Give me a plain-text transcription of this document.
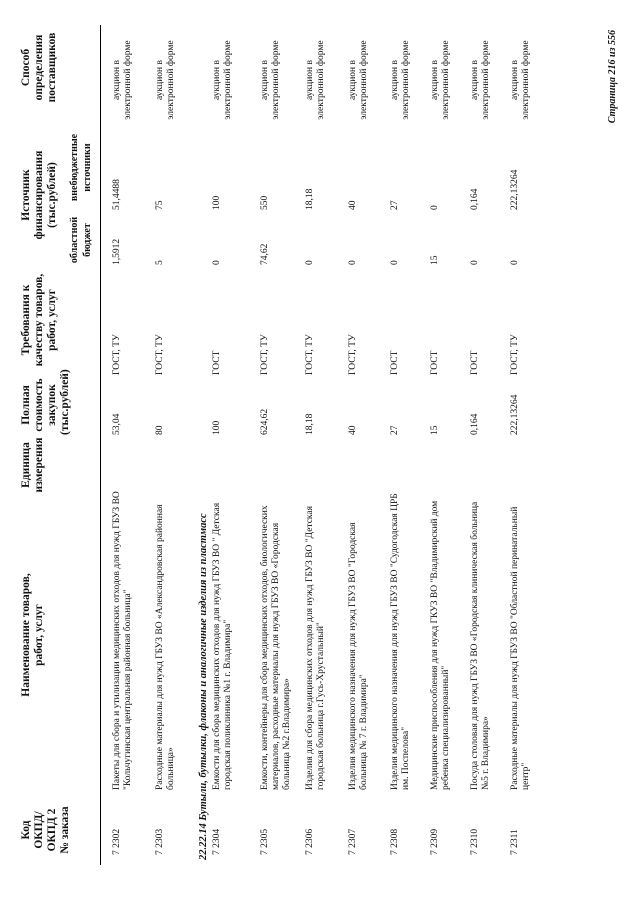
Код
ОКПД/
ОКПД 2
№ заказа
Наименование товаров,
работ, услуг
Единица
измерения
Полная
стоимость
закупок
(тыс.рублей)
Требования к
качеству товаров,
работ, услуг
Источник
финансирования
(тыс.рублей)
областной
бюджет
внебюджетные
источники
Способ
определения
поставщиков
7 2302
Пакеты для сбора и утилизации медицинских отходов для нужд ГБУЗ ВО "Кольчугинская центральная районная больница"
53,04
ГОСТ, ТУ
1,5912
51,4488
аукцион в электронной форме
7 2303
Расходные материалы для нужд ГБУЗ ВО «Александровская районная больница»
80
ГОСТ, ТУ
5
75
аукцион в электронной форме
22.22.14 Бутыли, бутылки, флаконы и аналогичные изделия из пластмасс 7 2304
Емкости для сбора медицинских отходов для нужд ГБУЗ ВО " Детская городская поликлиника №1 г. Владимира"
100
ГОСТ
0
100
аукцион в электронной форме
7 2305
Емкости, контейнеры для сбора медицинских отходов, биологических материалов, расходные материалы для нужд ГБУЗ ВО «Городская больница №2 г.Владимира»
624,62
ГОСТ, ТУ
74,62
550
аукцион в электронной форме
7 2306
Изделия для сбора медицинских отходов для нужд ГБУЗ ВО "Детская городская больница г.Гусь-Хрустальный"
18,18
ГОСТ, ТУ
0
18,18
аукцион в электронной форме
7 2307
Изделия медицинского назначения для нужд ГБУЗ ВО "Городская больница № 7 г. Владимира"
40
ГОСТ, ТУ
0
40
аукцион в электронной форме
7 2308
Изделия медицинского назначения для нужд ГБУЗ ВО "Судогодская ЦРБ им. Поспелова"
27
ГОСТ
0
27
аукцион в электронной форме
7 2309
Медицинские приспособления для нужд ГКУЗ ВО "Владимирский дом ребенка специализированный"
15
ГОСТ
15
0
аукцион в электронной форме
7 2310
Посуда столовая для нужд ГБУЗ ВО «Городская клиническая больница №5 г. Владимира»
0,164
ГОСТ
0
0,164
аукцион в электронной форме
7 2311
Расходные материалы для нужд ГБУЗ ВО "Областной перинатальный центр"
222,13264
ГОСТ, ТУ
0
222,13264
аукцион в электронной форме	Страница 216 из 556
